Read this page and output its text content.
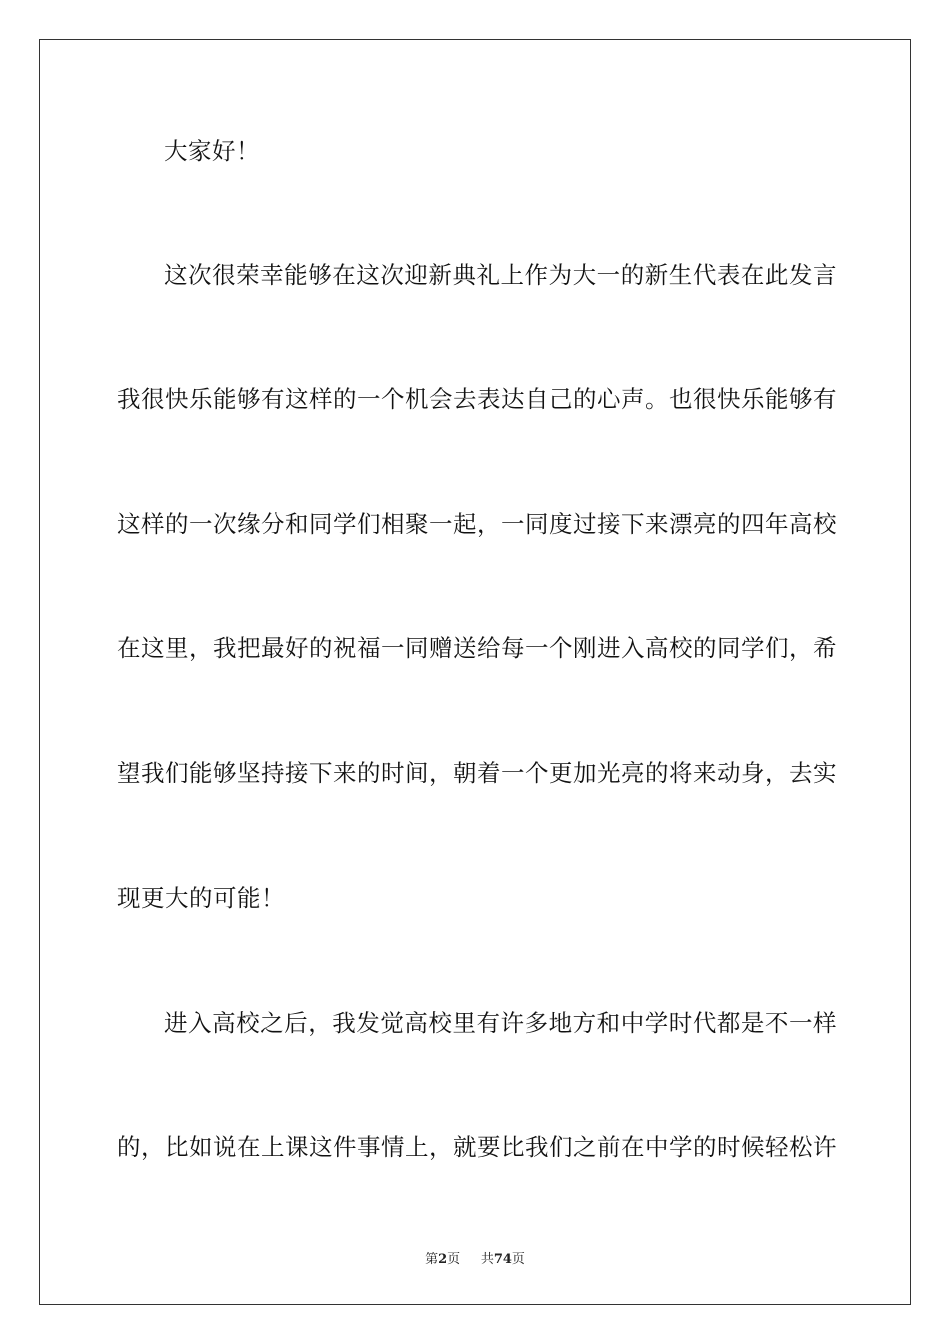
大家好！
这次很荣幸能够在这次迎新典礼上作为大一的新生代表在此发言
我很快乐能够有这样的一个机会去表达自己的心声。也很快乐能够有
这样的一次缘分和同学们相聚一起，一同度过接下来漂亮的四年高校
在这里，我把最好的祝福一同赠送给每一个刚进入高校的同学们，希
望我们能够坚持接下来的时间，朝着一个更加光亮的将来动身，去实
现更大的可能！
进入高校之后，我发觉高校里有许多地方和中学时代都是不一样
的，比如说在上课这件事情上，就要比我们之前在中学的时候轻松许
第2页 共74页
